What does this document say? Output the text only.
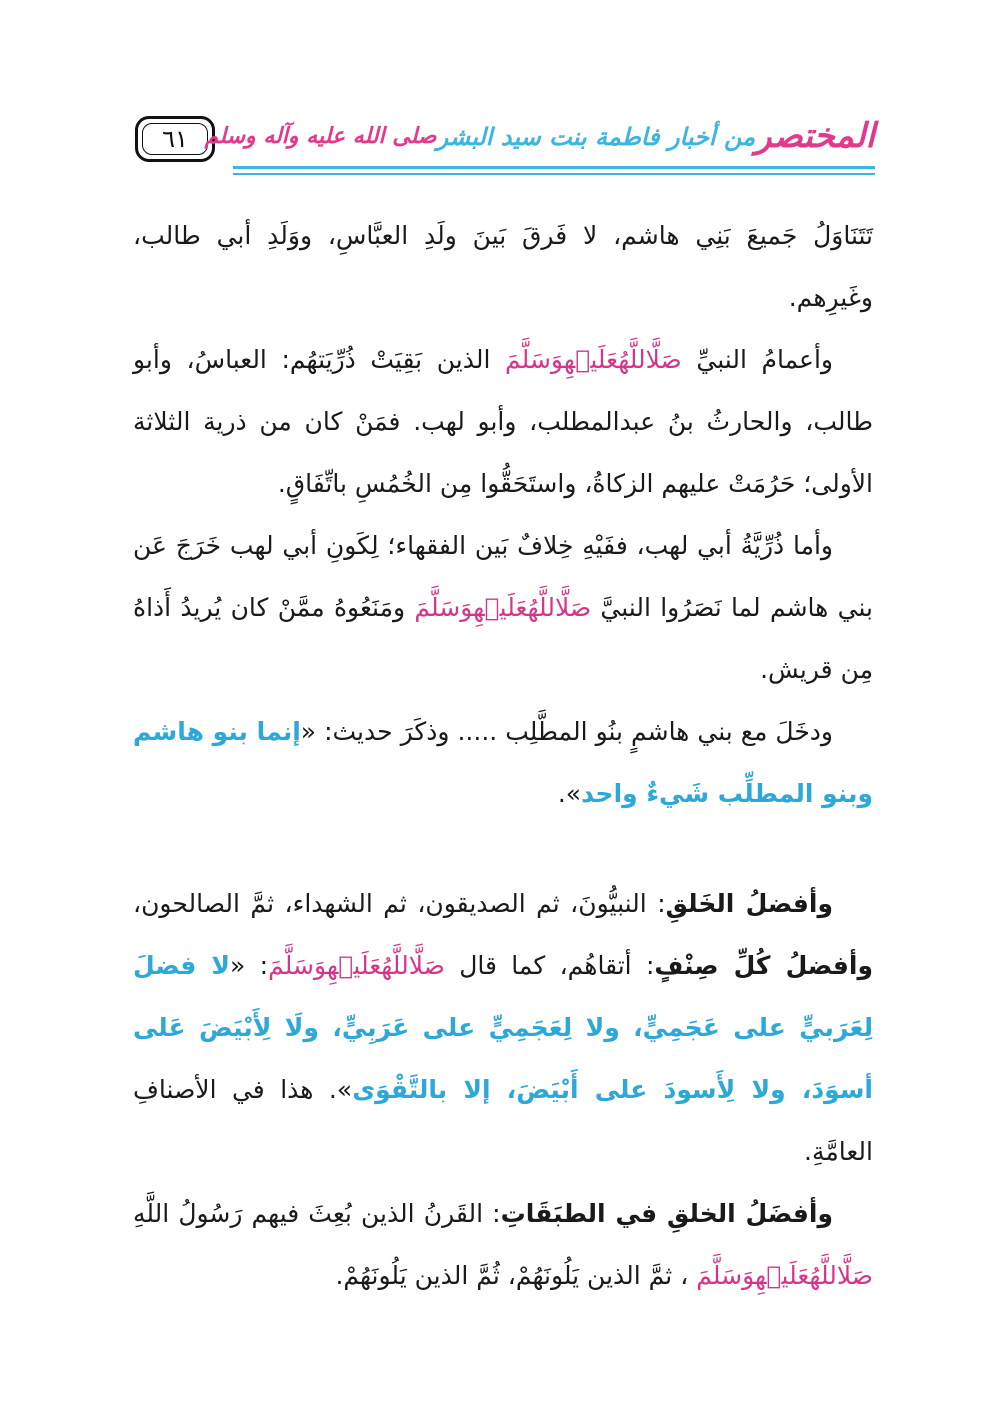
٦١	المختصر
من أخبار فاطمة بنت سيد البشر
صلى الله عليه وآله وسلم

تَتَنَاوَلُ جَميعَ بَنِي هاشم، لا فَرقَ بَينَ ولَدِ العبَّاسِ، ووَلَدِ أبي طالب، وغَيرِهم.

وأعمامُ النبيِّ صَلَّاللَّهُعَلَيۡهِوَسَلَّمَ الذين بَقِيَتْ ذُرِّيَتهُم: العباسُ، وأبو طالب، والحارثُ بنُ عبدالمطلب، وأبو لهب. فمَنْ كان من ذرية الثلاثة الأولى؛ حَرُمَتْ عليهم الزكاةُ، واستَحَقُّوا مِن الخُمُسِ باتِّفَاقٍ.

وأما ذُرِّيَّةُ أبي لهب، ففَيْهِ خِلافٌ بَين الفقهاء؛ لِكَونِ أبي لهب خَرَجَ عَن بني هاشم لما نَصَرُوا النبيَّ صَلَّاللَّهُعَلَيۡهِوَسَلَّمَ ومَنَعُوهُ ممَّنْ كان يُريدُ أَذاهُ مِن قريش.

ودخَلَ مع بني هاشمٍ بنُو المطَّلِب ..... وذكَرَ حديث: «إنما بنو هاشم وبنو المطلِّب شَيءٌ واحد».

وأفضلُ الخَلقِ: النبيُّونَ، ثم الصديقون، ثم الشهداء، ثمَّ الصالحون، وأفضلُ كُلِّ صِنْفٍ: أتقاهُم، كما قال صَلَّاللَّهُعَلَيۡهِوَسَلَّمَ: «لا فضلَ لِعَرَبيٍّ على عَجَمِيٍّ، ولا لِعَجَمِيٍّ على عَرَبِيٍّ، ولَا لِأَبْيَضَ عَلى أسوَدَ، ولا لِأَسودَ على أَبْيَضَ، إلا بالتَّقْوَى». هذا في الأصنافِ العامَّةِ.

وأفضَلُ الخلقِ في الطبَقَاتِ: القَرنُ الذين بُعِثَ فيهم رَسُولُ اللَّهِ صَلَّاللَّهُعَلَيۡهِوَسَلَّمَ ، ثمَّ الذين يَلُونَهُمْ، ثُمَّ الذين يَلُونَهُمْ.
